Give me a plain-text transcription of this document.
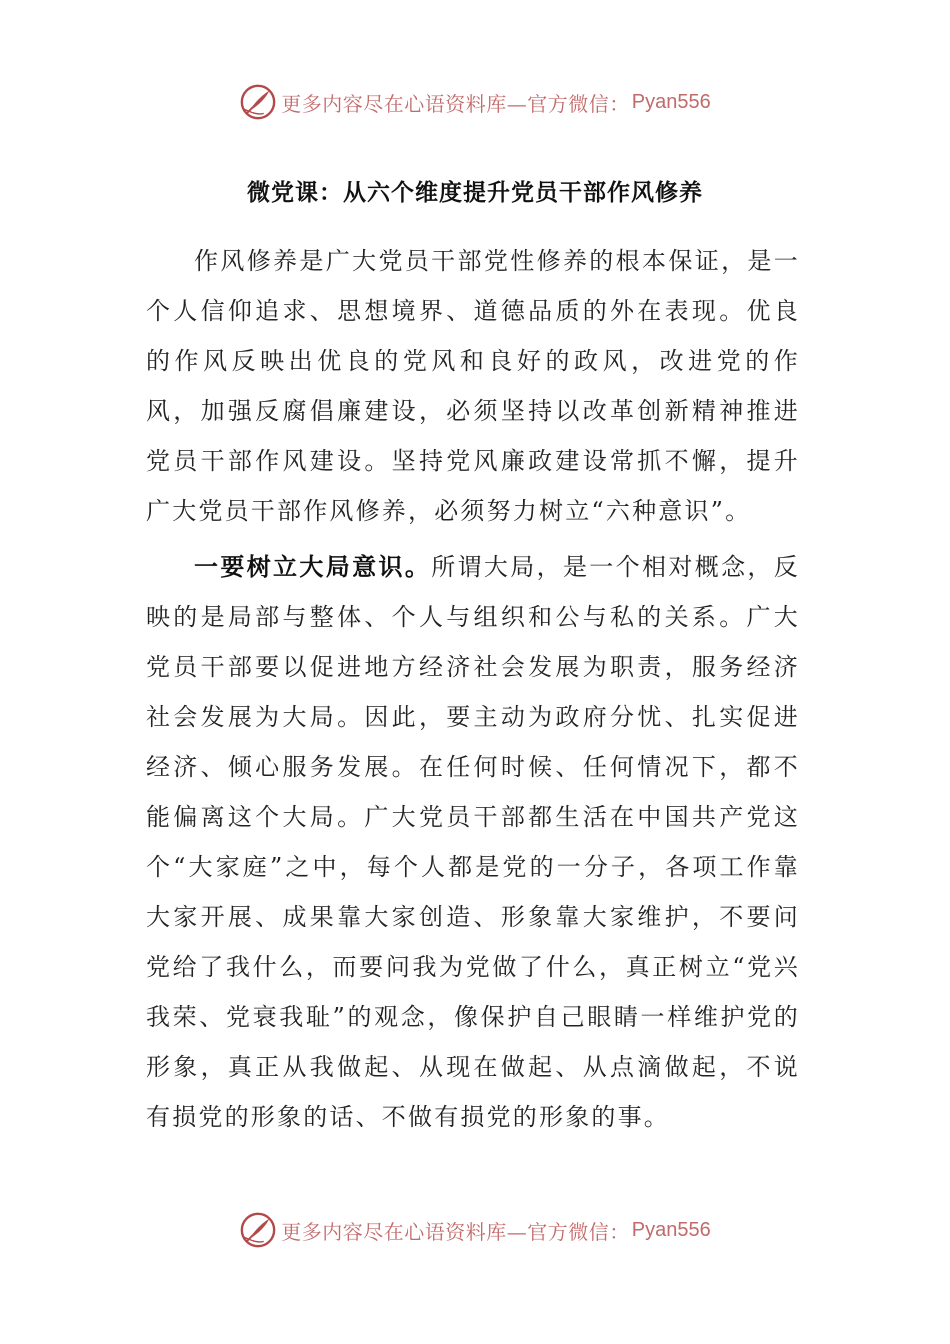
更多内容尽在心语资料库—官方微信： Pyan556
微党课：从六个维度提升党员干部作风修养

作风修养是广大党员干部党性修养的根本保证，是一个人信仰追求、思想境界、道德品质的外在表现。优良的作风反映出优良的党风和良好的政风，改进党的作风，加强反腐倡廉建设，必须坚持以改革创新精神推进党员干部作风建设。坚持党风廉政建设常抓不懈，提升广大党员干部作风修养，必须努力树立“六种意识”。

一要树立大局意识。所谓大局，是一个相对概念，反映的是局部与整体、个人与组织和公与私的关系。广大党员干部要以促进地方经济社会发展为职责，服务经济社会发展为大局。因此，要主动为政府分忧、扎实促进经济、倾心服务发展。在任何时候、任何情况下，都不能偏离这个大局。广大党员干部都生活在中国共产党这个“大家庭”之中，每个人都是党的一分子，各项工作靠大家开展、成果靠大家创造、形象靠大家维护，不要问党给了我什么，而要问我为党做了什么，真正树立“党兴我荣、党衰我耻”的观念，像保护自己眼睛一样维护党的形象，真正从我做起、从现在做起、从点滴做起，不说有损党的形象的话、不做有损党的形象的事。

更多内容尽在心语资料库—官方微信： Pyan556
